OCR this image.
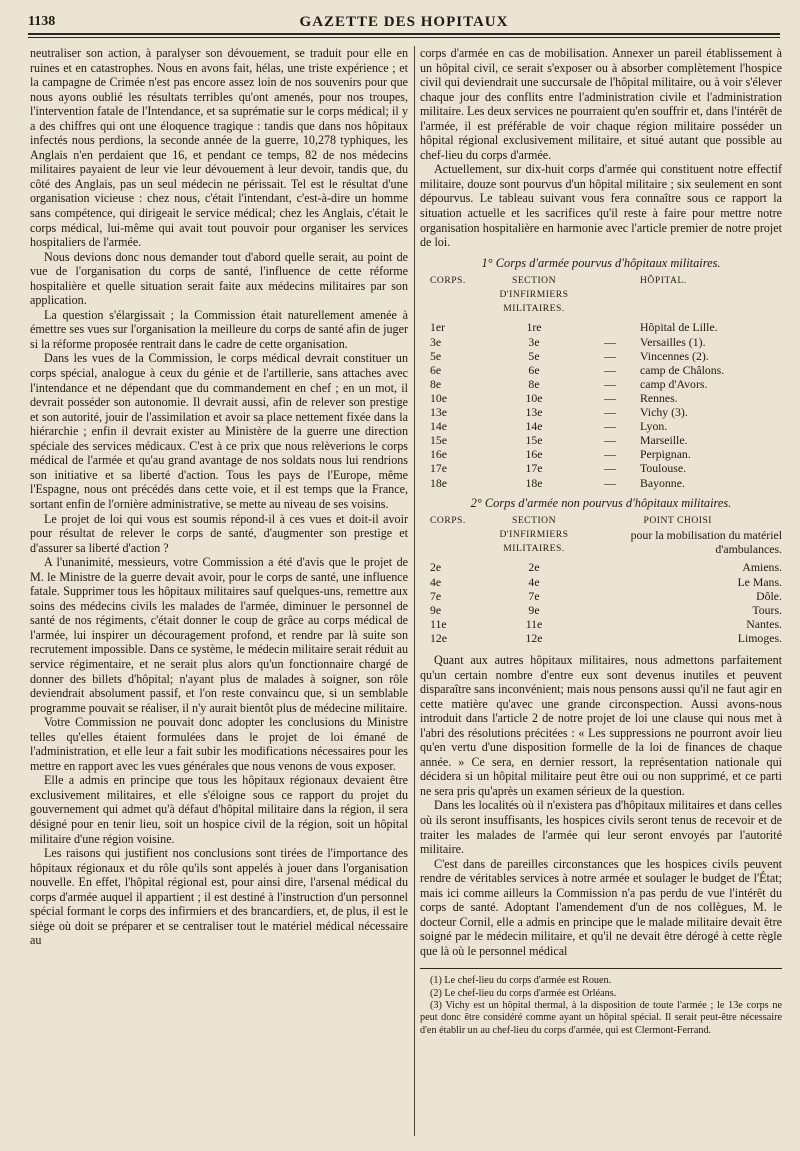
1138	GAZETTE DES HOPITAUX

neutraliser son action, à paralyser son dévouement, se traduit pour elle en ruines et en catastrophes. Nous en avons fait, hélas, une triste expérience ; et la campagne de Crimée n'est pas encore assez loin de nos souvenirs pour que nous ayons oublié les résultats terribles qu'ont amenés, pour nos troupes, l'intervention fatale de l'Intendance, et sa suprématie sur le corps médical; il y a des chiffres qui ont une éloquence tragique : tandis que dans nos hôpitaux infectés nous perdions, la seconde année de la guerre, 10,278 typhiques, les Anglais n'en perdaient que 16, et pendant ce temps, 82 de nos médecins militaires payaient de leur vie leur dévouement à leur devoir, tandis que, du côté des Anglais, pas un seul médecin ne périssait. Tel est le résultat d'une organisation vicieuse : chez nous, c'était l'intendant, c'est-à-dire un homme sans compétence, qui dirigeait le service médical; chez les Anglais, c'était le corps médical, lui-même qui avait tout pouvoir pour organiser les services hospitaliers de l'armée.

Nous devions donc nous demander tout d'abord quelle serait, au point de vue de l'organisation du corps de santé, l'influence de cette réforme hospitalière et quelle situation serait faite aux médecins militaires par son application.

La question s'élargissait ; la Commission était naturellement amenée à émettre ses vues sur l'organisation la meilleure du corps de santé afin de juger si la réforme proposée rentrait dans le cadre de cette organisation.

Dans les vues de la Commission, le corps médical devrait constituer un corps spécial, analogue à ceux du génie et de l'artillerie, sans attaches avec l'intendance et ne dépendant que du commandement en chef ; en un mot, il devrait posséder son autonomie. Il devrait aussi, afin de relever son prestige et son autorité, jouir de l'assimilation et avoir sa place nettement fixée dans la hiérarchie ; enfin il devrait exister au Ministère de la guerre une direction spéciale des services médicaux. C'est à ce prix que nous relèverions le corps médical de l'armée et qu'au grand avantage de nos soldats nous lui rendrions son initiative et sa liberté d'action. Tous les pays de l'Europe, même l'Espagne, nous ont précédés dans cette voie, et il est temps que la France, sortant enfin de l'ornière administrative, se mette au niveau de ses voisins.

Le projet de loi qui vous est soumis répond-il à ces vues et doit-il avoir pour résultat de relever le corps de santé, d'augmenter son prestige et d'assurer sa liberté d'action ?

A l'unanimité, messieurs, votre Commission a été d'avis que le projet de M. le Ministre de la guerre devait avoir, pour le corps de santé, une influence fatale. Supprimer tous les hôpitaux militaires sauf quelques-uns, remettre aux soins des médecins civils les malades de l'armée, diminuer le personnel de santé de nos régiments, c'était donner le coup de grâce au corps médical de l'armée, lui inspirer un découragement profond, et rendre par là suite son recrutement impossible. Dans ce système, le médecin militaire serait réduit au service régimentaire, et ne serait plus alors qu'un fonctionnaire chargé de donner des billets d'hôpital; n'ayant plus de malades à soigner, son rôle deviendrait absolument passif, et l'on reste convaincu que, si un semblable programme pouvait se réaliser, il n'y aurait bientôt plus de médecine militaire.

Votre Commission ne pouvait donc adopter les conclusions du Ministre telles qu'elles étaient formulées dans le projet de loi émané de l'administration, et elle leur a fait subir les modifications nécessaires pour les mettre en rapport avec les vues générales que nous venons de vous exposer.

Elle a admis en principe que tous les hôpitaux régionaux devaient être exclusivement militaires, et elle s'éloigne sous ce rapport du projet du gouvernement qui admet qu'à défaut d'hôpital militaire dans la région, il sera désigné pour en tenir lieu, soit un hospice civil de la région, soit un hôpital militaire d'une région voisine.

Les raisons qui justifient nos conclusions sont tirées de l'importance des hôpitaux régionaux et du rôle qu'ils sont appelés à jouer dans l'organisation nouvelle. En effet, l'hôpital régional est, pour ainsi dire, l'arsenal médical du corps d'armée auquel il appartient ; il est destiné à l'instruction d'un personnel spécial formant le corps des infirmiers et des brancardiers, et, de plus, il est le siège où doit se préparer et se centraliser tout le matériel médical nécessaire au

corps d'armée en cas de mobilisation. Annexer un pareil établissement à un hôpital civil, ce serait s'exposer ou à absorber complètement l'hospice civil qui deviendrait une succursale de l'hôpital militaire, ou à voir s'élever chaque jour des conflits entre l'administration civile et l'administration militaire. Les deux services ne pourraient qu'en souffrir et, dans l'intérêt de l'armée, il est préférable de voir chaque région militaire posséder un hôpital régional exclusivement militaire, et situé autant que possible au chef-lieu du corps d'armée.

Actuellement, sur dix-huit corps d'armée qui constituent notre effectif militaire, douze sont pourvus d'un hôpital militaire ; six seulement en sont dépourvus. Le tableau suivant vous fera connaître sous ce rapport la situation actuelle et les sacrifices qu'il reste à faire pour mettre notre organisation hospitalière en harmonie avec l'article premier de notre projet de loi.

1° Corps d'armée pourvus d'hôpitaux militaires.
CORPS.	SECTION D'INFIRMIERS MILITAIRES.		HÔPITAL.
1er	1re		Hôpital de Lille.
3e	3e	—	Versailles (1).
5e	5e	—	Vincennes (2).
6e	6e	—	camp de Châlons.
8e	8e	—	camp d'Avors.
10e	10e	—	Rennes.
13e	13e	—	Vichy (3).
14e	14e	—	Lyon.
15e	15e	—	Marseille.
16e	16e	—	Perpignan.
17e	17e	—	Toulouse.
18e	18e	—	Bayonne.
2° Corps d'armée non pourvus d'hôpitaux militaires.
CORPS.	SECTION D'INFIRMIERS MILITAIRES.	POINT CHOISI
pour la mobilisation du matériel d'ambulances.

2e	2e	Amiens.
4e	4e	Le Mans.
7e	7e	Dôle.
9e	9e	Tours.
11e	11e	Nantes.
12e	12e	Limoges.

Quant aux autres hôpitaux militaires, nous admettons parfaitement qu'un certain nombre d'entre eux sont devenus inutiles et peuvent disparaître sans inconvénient; mais nous pensons aussi qu'il ne faut agir en cette matière qu'avec une grande circonspection. Aussi avons-nous introduit dans l'article 2 de notre projet de loi une clause qui nous met à l'abri des résolutions précitées : « Les suppressions ne pourront avoir lieu qu'en vertu d'une disposition formelle de la loi de finances de chaque année. » Ce sera, en dernier ressort, la représentation nationale qui décidera si un hôpital militaire peut être oui ou non supprimé, et ce parti ne sera pris qu'après un examen sérieux de la question.

Dans les localités où il n'existera pas d'hôpitaux militaires et dans celles où ils seront insuffisants, les hospices civils seront tenus de recevoir et de traiter les malades de l'armée qui leur seront envoyés par l'autorité militaire.

C'est dans de pareilles circonstances que les hospices civils peuvent rendre de véritables services à notre armée et soulager le budget de l'État; mais ici comme ailleurs la Commission n'a pas perdu de vue l'intérêt du corps de santé. Adoptant l'amendement d'un de nos collègues, M. le docteur Cornil, elle a admis en principe que le malade militaire devait être soigné par le médecin militaire, et qu'il ne devait être dérogé à cette règle que là où le personnel médical

(1) Le chef-lieu du corps d'armée est Rouen.

(2) Le chef-lieu du corps d'armée est Orléans.

(3) Vichy est un hôpital thermal, à la disposition de toute l'armée ; le 13e corps ne peut donc être considéré comme ayant un hôpital spécial. Il serait peut-être nécessaire d'en établir un au chef-lieu du corps d'armée, qui est Clermont-Ferrand.
